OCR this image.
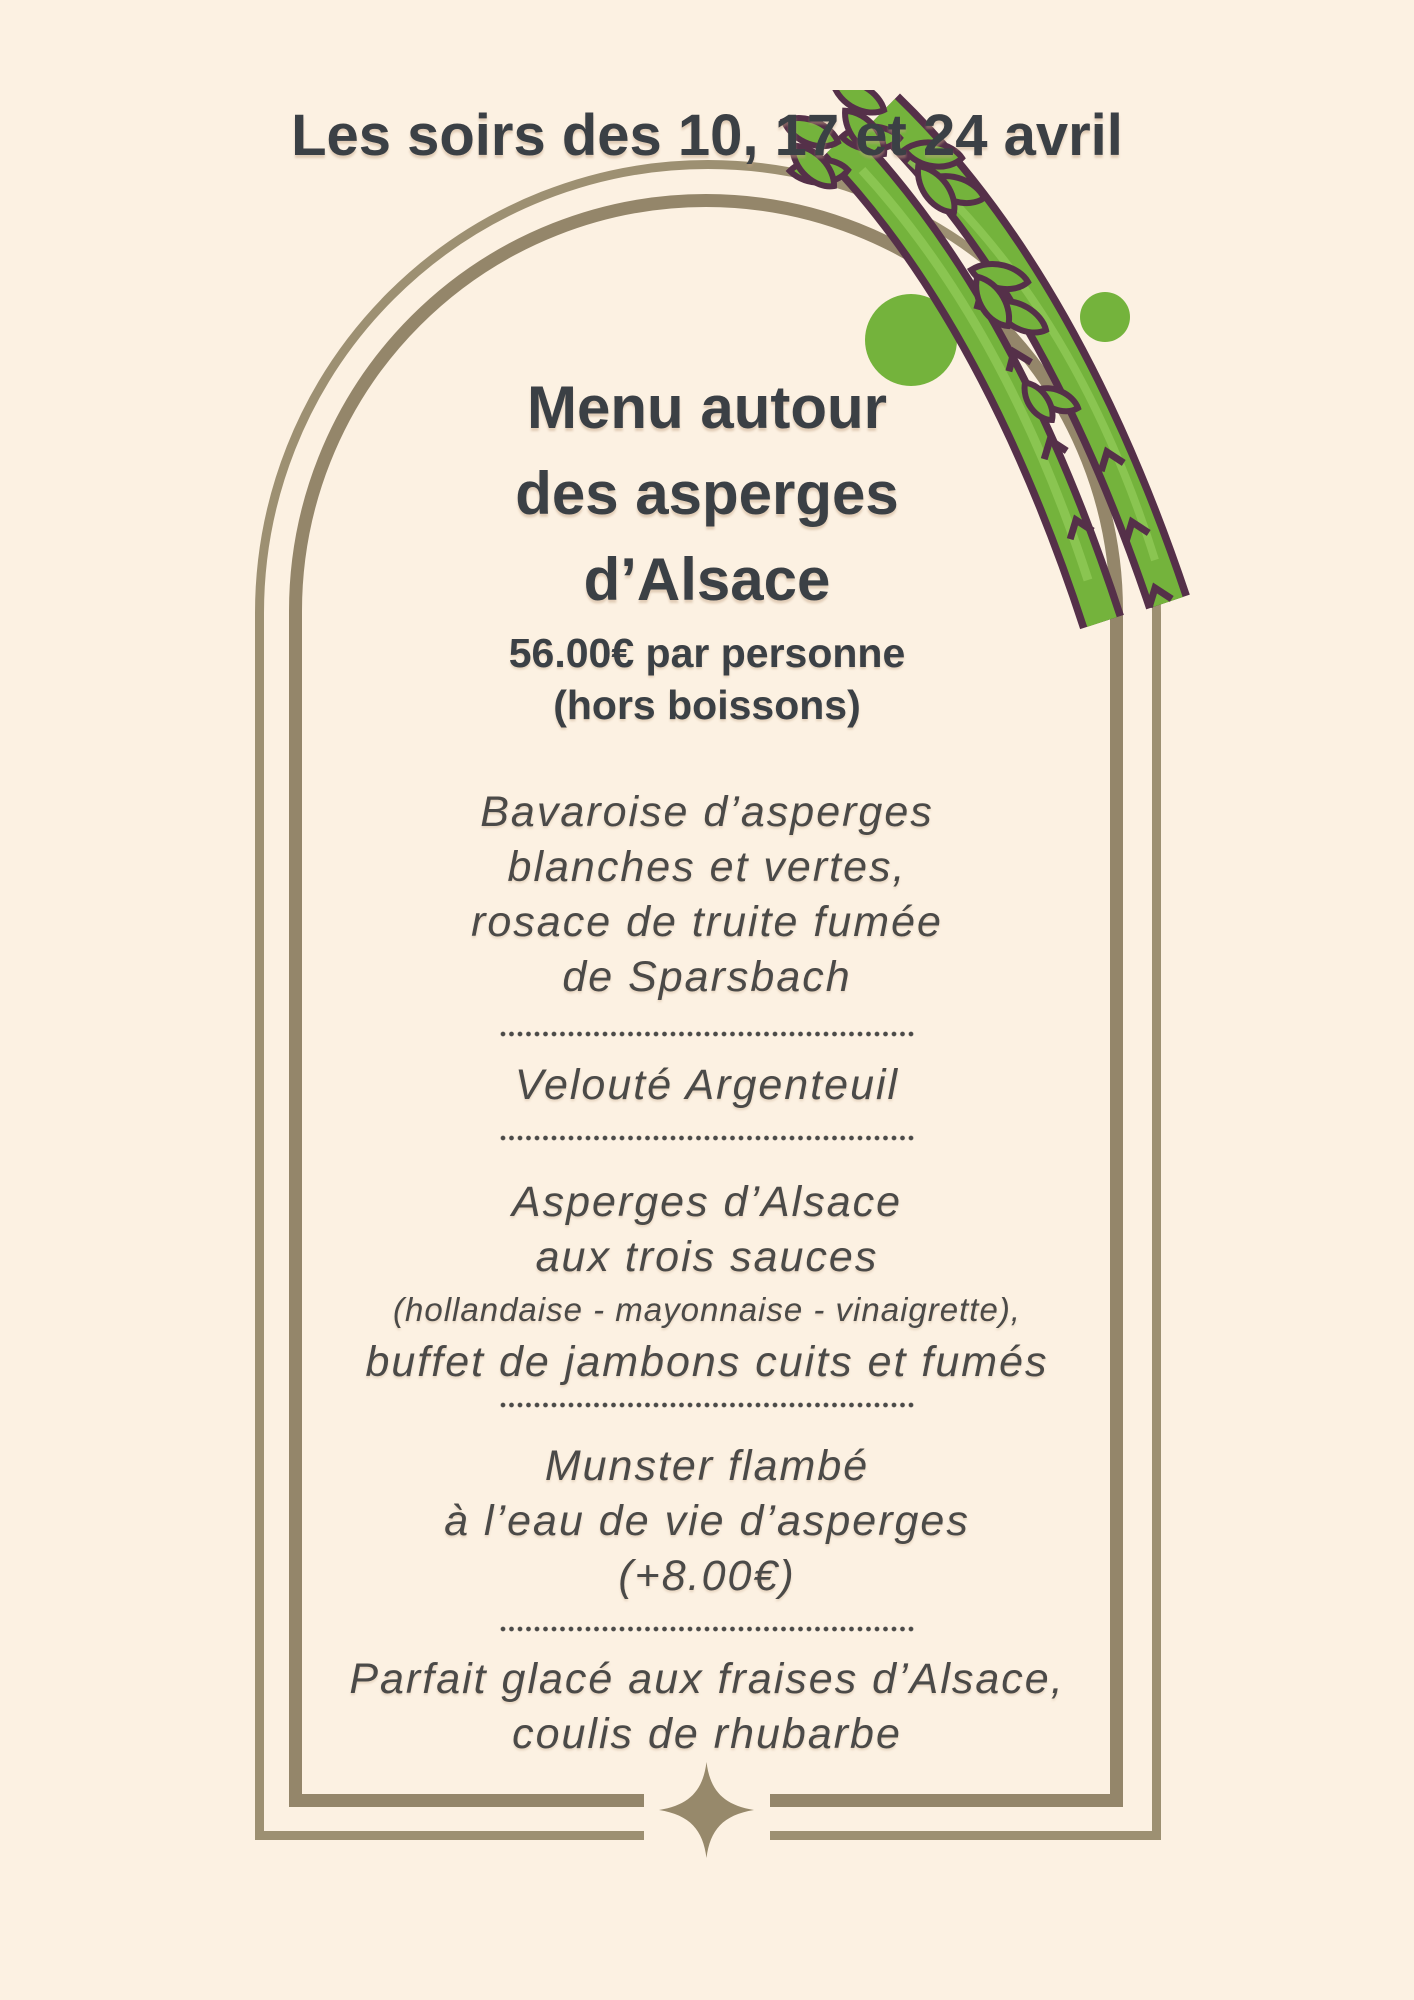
Les soirs des 10, 17 et 24 avril
Menu autour
des asperges
d’Alsace
56.00€ par personne
(hors boissons)
Bavaroise d’asperges
blanches et vertes,
rosace de truite fumée
de Sparsbach
Velouté Argenteuil
Asperges d’Alsace
aux trois sauces
(hollandaise - mayonnaise - vinaigrette),
buffet de jambons cuits et fumés
Munster flambé
à l’eau de vie d’asperges
(+8.00€)
Parfait glacé aux fraises d’Alsace,
coulis de rhubarbe
